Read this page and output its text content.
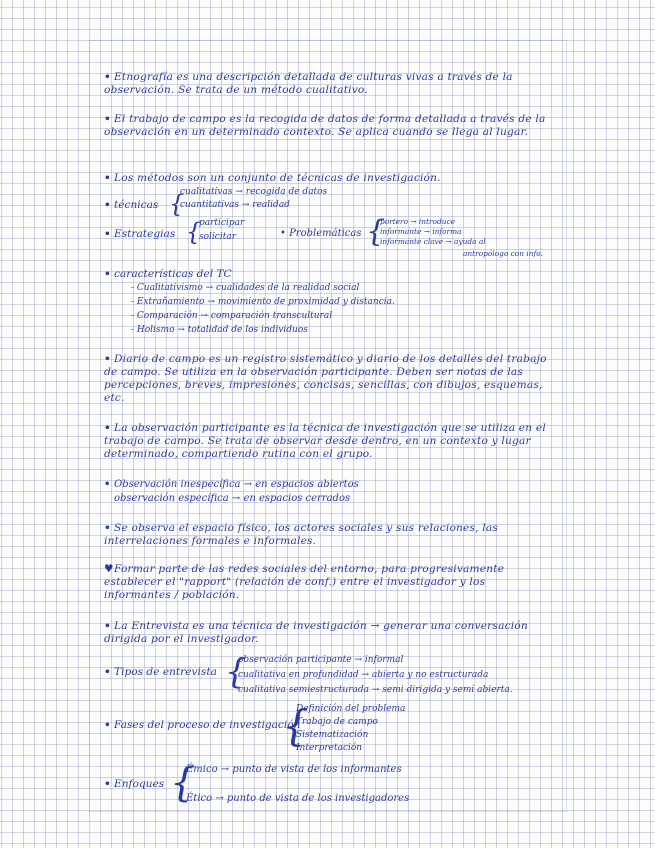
• Etnografía es una descripción detallada de culturas vivas a través de la observación. Se trata de un método cualitativo.

• El trabajo de campo es la recogida de datos de forma detallada a través de la observación en un determinado contexto. Se aplica cuando se llega al lugar.

• Los métodos son un conjunto de técnicas de investigación.

• técnicas {

cualitativas → recogida de datos

cuantitativas → realidad

• Estrategias {

participar

solicitar	• Problemáticas {

portero → introduce

informante → informa

informante clave → ayuda al

antropólogo con info.

• características del TC

- Cualitativismo → cualidades de la realidad social

- Extrañamiento → movimiento de proximidad y distancia.

- Comparación → comparación transcultural

- Holismo → totalidad de los individuos

• Diario de campo es un registro sistemático y diario de los detalles del trabajo de campo. Se utiliza en la observación participante. Deben ser notas de las percepciones, breves, impresiones, concisas, sencillas, con dibujos, esquemas, etc.

• La observación participante es la técnica de investigación que se utiliza en el trabajo de campo. Se trata de observar desde dentro, en un contexto y lugar determinado, compartiendo rutina con el grupo.

• Observación inespecífica → en espacios abiertos

observación específica → en espacios cerrados

• Se observa el espacio físico, los actores sociales y sus relaciones, las interrelaciones formales e informales.

♥Formar parte de las redes sociales del entorno, para progresivamente establecer el "rapport" (relación de conf.) entre el investigador y los informantes / población.

• La Entrevista es una técnica de investigación → generar una conversación dirigida por el investigador.

• Tipos de entrevista {

observación participante → informal

cualitativa en profundidad → abierta y no estructurada

cualitativa semiestructurada → semi dirigida y semi abierta.

• Fases del proceso de investigación

{

Definición del problema

Trabajo de campo

Sistematización

Interpretación

• Enfoques {

Émico → punto de vista de los informantes

Ético → punto de vista de los investigadores
